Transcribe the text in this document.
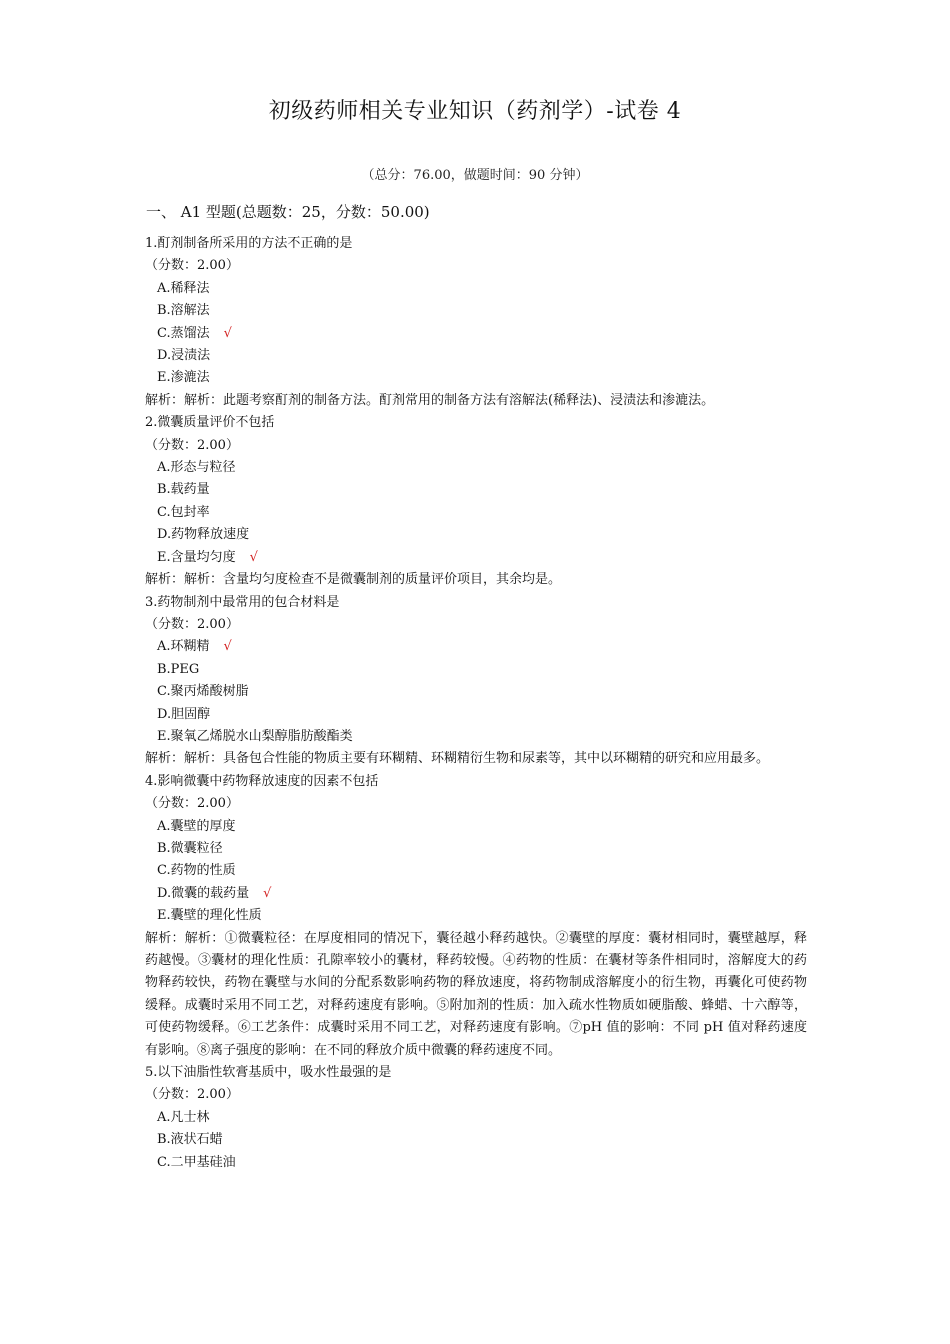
初级药师相关专业知识（药剂学）-试卷 4
（总分：76.00，做题时间：90 分钟）
一、 A1 型题(总题数：25，分数：50.00)

1.酊剂制备所采用的方法不正确的是

（分数：2.00）

A.稀释法

B.溶解法

C.蒸馏法 √

D.浸渍法

E.渗漉法

解析：解析：此题考察酊剂的制备方法。酊剂常用的制备方法有溶解法(稀释法)、浸渍法和渗漉法。

2.微囊质量评价不包括

（分数：2.00）

A.形态与粒径

B.载药量

C.包封率

D.药物释放速度

E.含量均匀度 √

解析：解析：含量均匀度检查不是微囊制剂的质量评价项目，其余均是。

3.药物制剂中最常用的包合材料是

（分数：2.00）

A.环糊精 √

B.PEG

C.聚丙烯酸树脂

D.胆固醇

E.聚氧乙烯脱水山梨醇脂肪酸酯类

解析：解析：具备包合性能的物质主要有环糊精、环糊精衍生物和尿素等，其中以环糊精的研究和应用最多。

4.影响微囊中药物释放速度的因素不包括

（分数：2.00）

A.囊壁的厚度

B.微囊粒径

C.药物的性质

D.微囊的载药量 √

E.囊壁的理化性质

解析：解析：①微囊粒径：在厚度相同的情况下，囊径越小释药越快。②囊壁的厚度：囊材相同时，囊壁越厚，释药越慢。③囊材的理化性质：孔隙率较小的囊材，释药较慢。④药物的性质：在囊材等条件相同时，溶解度大的药物释药较快，药物在囊壁与水间的分配系数影响药物的释放速度，将药物制成溶解度小的衍生物，再囊化可使药物缓释。成囊时采用不同工艺，对释药速度有影响。⑤附加剂的性质：加入疏水性物质如硬脂酸、蜂蜡、十六醇等，可使药物缓释。⑥工艺条件：成囊时采用不同工艺，对释药速度有影响。⑦pH 值的影响：不同 pH 值对释药速度有影响。⑧离子强度的影响：在不同的释放介质中微囊的释药速度不同。

5.以下油脂性软膏基质中，吸水性最强的是

（分数：2.00）

A.凡士林

B.液状石蜡

C.二甲基硅油
